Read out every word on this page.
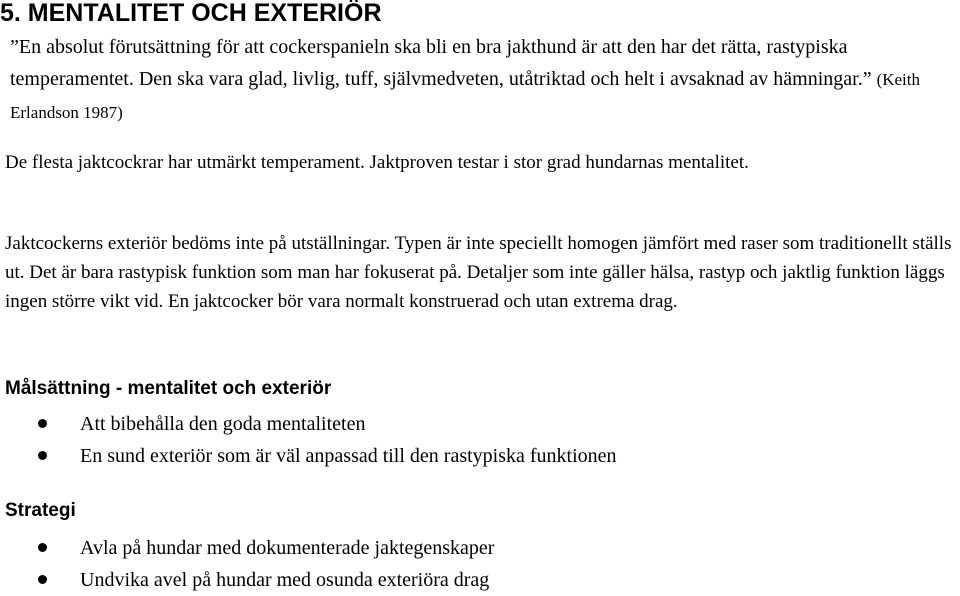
5. MENTALITET OCH EXTERIÖR

”En absolut förutsättning för att cockerspanieln ska bli en bra jakthund är att den har det rätta, rastypiska temperamentet. Den ska vara glad, livlig, tuff, självmedveten, utåtriktad och helt i avsaknad av hämningar.” (Keith Erlandson 1987)

De flesta jaktcockrar har utmärkt temperament. Jaktproven testar i stor grad hundarnas mentalitet.

Jaktcockerns exteriör bedöms inte på utställningar. Typen är inte speciellt homogen jämfört med raser som traditionellt ställs ut. Det är bara rastypisk funktion som man har fokuserat på. Detaljer som inte gäller hälsa, rastyp och jaktlig funktion läggs ingen större vikt vid. En jaktcocker bör vara normalt konstruerad och utan extrema drag.

Målsättning - mentalitet och exteriör
Att bibehålla den goda mentaliteten
En sund exteriör som är väl anpassad till den rastypiska funktionen
Strategi
Avla på hundar med dokumenterade jaktegenskaper
Undvika avel på hundar med osunda exteriöra drag
